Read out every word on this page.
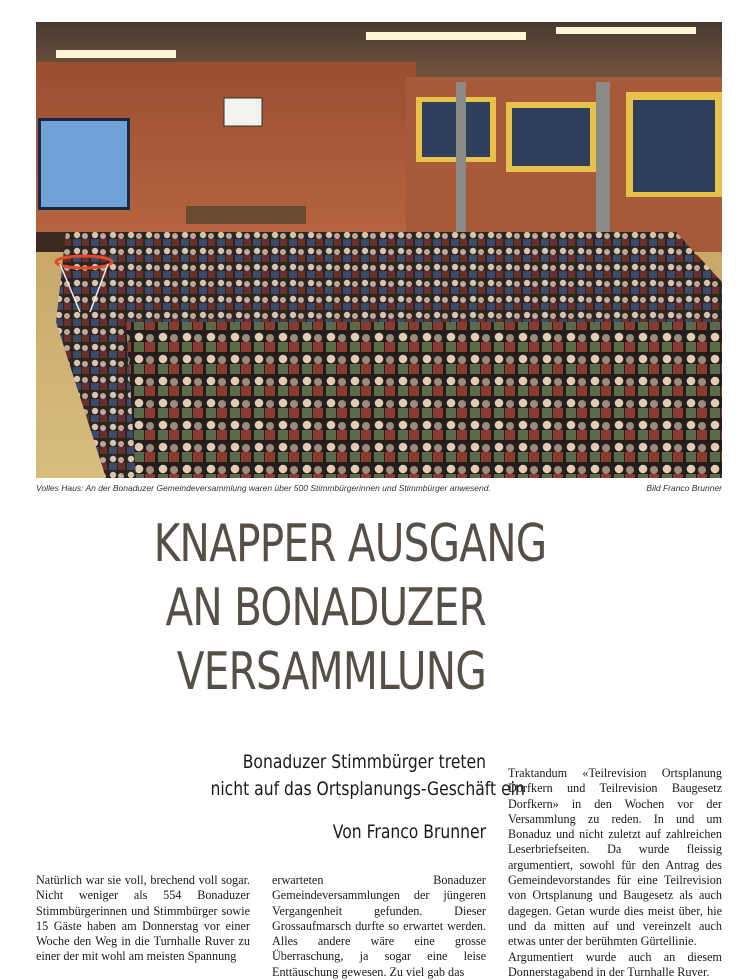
Volles Haus: An der Bonaduzer Gemeindeversammlung waren über 500 Stimmbürgerinnen und Stimmbürger anwesend.	Bild Franco Brunner
KNAPPER AUSGANG
AN BONADUZER
VERSAMMLUNG
Bonaduzer Stimmbürger treten
nicht auf das Ortsplanungs-Geschäft ein
Von Franco Brunner

Natürlich war sie voll, brechend voll sogar. Nicht weniger als 554 Bonaduzer Stimmbürgerinnen und Stimmbürger sowie 15 Gäste haben am Donnerstag vor einer Woche den Weg in die Turnhalle Ruver zu einer der mit wohl am meisten Spannung

erwarteten Bonaduzer Gemeindeversammlungen der jüngeren Vergangenheit gefunden. Dieser Grossaufmarsch durfte so erwartet werden. Alles andere wäre eine grosse Überraschung, ja sogar eine leise Enttäuschung gewesen. Zu viel gab das

Traktandum «Teilrevision Ortsplanung Dorfkern und Teilrevision Baugesetz Dorfkern» in den Wochen vor der Versammlung zu reden. In und um Bonaduz und nicht zuletzt auf zahlreichen Leserbriefseiten. Da wurde fleissig argumentiert, sowohl für den Antrag des Gemeindevorstandes für eine Teilrevision von Ortsplanung und Baugesetz als auch dagegen. Getan wurde dies meist über, hie und da mitten auf und vereinzelt auch etwas unter der berühmten Gürtellinie.

Argumentiert wurde auch an diesem Donnerstagabend in der Turnhalle Ruver.
